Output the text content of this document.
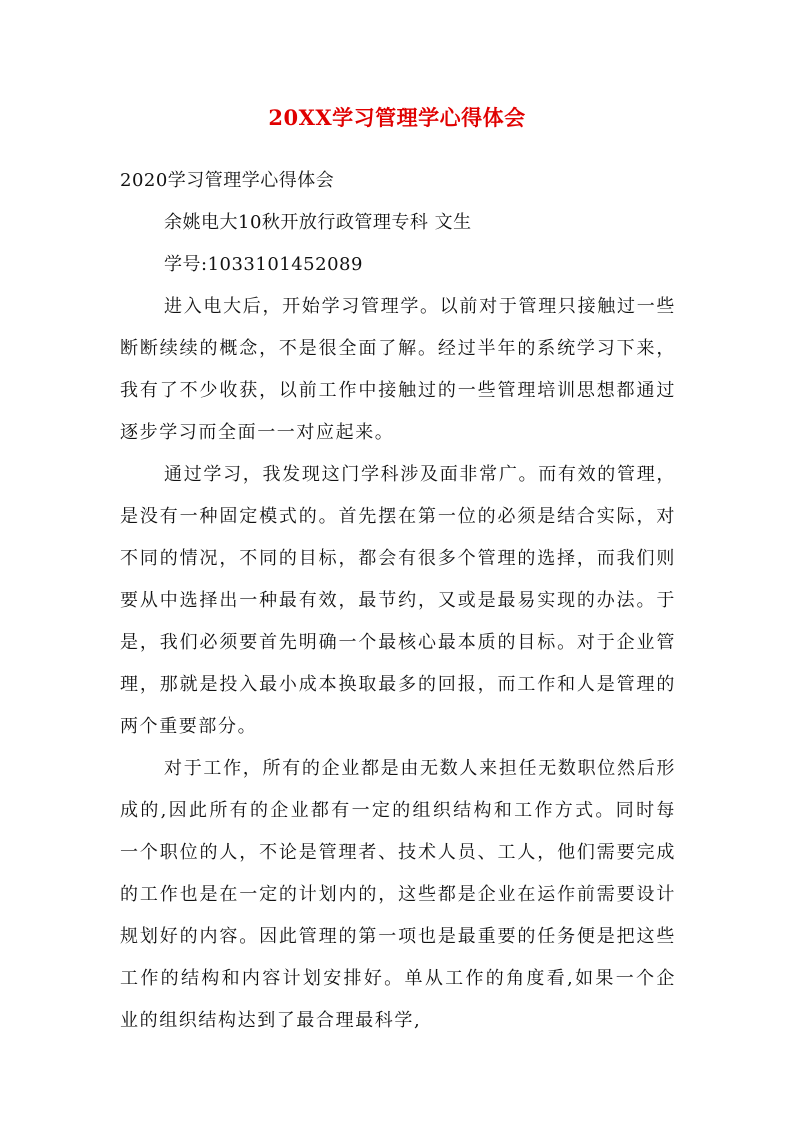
20XX学习管理学心得体会
2020学习管理学心得体会
余姚电大10秋开放行政管理专科 文生
学号:1033101452089

进入电大后，开始学习管理学。以前对于管理只接触过一些断断续续的概念，不是很全面了解。经过半年的系统学习下来，我有了不少收获，以前工作中接触过的一些管理培训思想都通过逐步学习而全面一一对应起来。

通过学习，我发现这门学科涉及面非常广。而有效的管理，是没有一种固定模式的。首先摆在第一位的必须是结合实际，对不同的情况，不同的目标，都会有很多个管理的选择，而我们则要从中选择出一种最有效，最节约，又或是最易实现的办法。于是，我们必须要首先明确一个最核心最本质的目标。对于企业管理，那就是投入最小成本换取最多的回报，而工作和人是管理的两个重要部分。

对于工作，所有的企业都是由无数人来担任无数职位然后形成的,因此所有的企业都有一定的组织结构和工作方式。同时每一个职位的人，不论是管理者、技术人员、工人，他们需要完成的工作也是在一定的计划内的，这些都是企业在运作前需要设计规划好的内容。因此管理的第一项也是最重要的任务便是把这些工作的结构和内容计划安排好。单从工作的角度看,如果一个企业的组织结构达到了最合理最科学,
